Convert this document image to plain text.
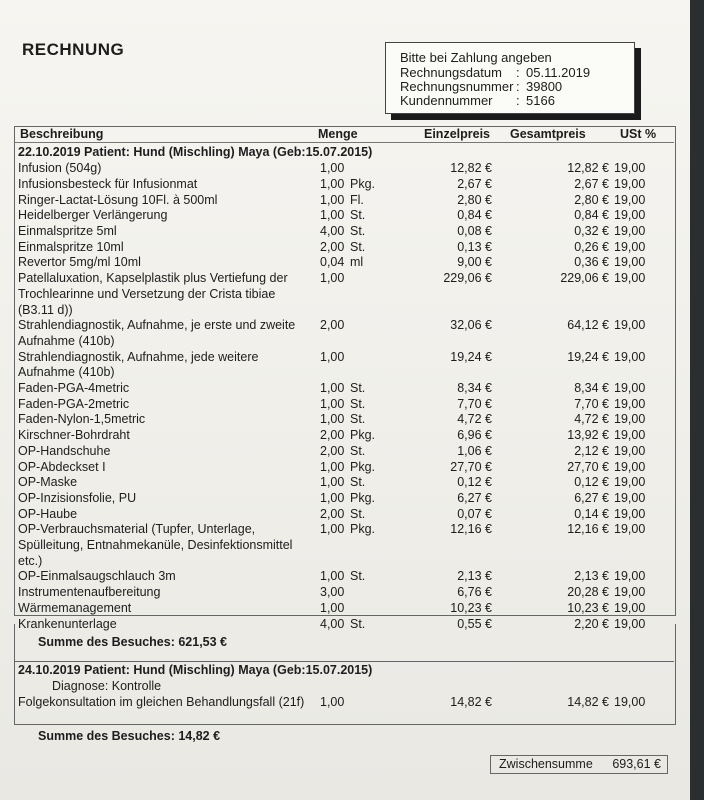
RECHNUNG	Bitte bei Zahlung angeben
Rechnungsdatum : 05.11.2019
Rechnungsnummer : 39800
Kundennummer : 5166
Beschreibung	Menge	Einzelpreis Gesamtpreis	USt %
22.10.2019 Patient: Hund (Mischling) Maya (Geb:15.07.2015)
Infusion (504g)	1,00	12,82 €	12,82 € 19,00
Infusionsbesteck für Infusionmat	1,00 Pkg.	2,67 €	2,67 € 19,00
Ringer-Lactat-Lösung 10Fl. à 500ml	1,00 Fl.	2,80 €	2,80 € 19,00
Heidelberger Verlängerung	1,00 St.	0,84 €	0,84 € 19,00
Einmalspritze 5ml	4,00 St.	0,08 €	0,32 € 19,00
Einmalspritze 10ml	2,00 St.	0,13 €	0,26 € 19,00
Revertor 5mg/ml 10ml	0,04 ml	9,00 €	0,36 € 19,00
Patellaluxation, Kapselplastik plus Vertiefung der Trochlearinne und Versetzung der Crista tibiae (B3.11 d))
1,00	229,06 €	229,06 € 19,00
Strahlendiagnostik, Aufnahme, je erste und zweite Aufnahme (410b)
2,00	32,06 €	64,12 € 19,00
Strahlendiagnostik, Aufnahme, jede weitere Aufnahme (410b)
1,00	19,24 €	19,24 € 19,00
Faden-PGA-4metric	1,00 St.	8,34 €	8,34 € 19,00
Faden-PGA-2metric	1,00 St.	7,70 €	7,70 € 19,00
Faden-Nylon-1,5metric	1,00 St.	4,72 €	4,72 € 19,00
Kirschner-Bohrdraht	2,00 Pkg.	6,96 €	13,92 € 19,00
OP-Handschuhe	2,00 St.	1,06 €	2,12 € 19,00
OP-Abdeckset I	1,00 Pkg.	27,70 €	27,70 € 19,00
OP-Maske	1,00 St.	0,12 €	0,12 € 19,00
OP-Inzisionsfolie, PU	1,00 Pkg.	6,27 €	6,27 € 19,00
OP-Haube	2,00 St.	0,07 €	0,14 € 19,00
OP-Verbrauchsmaterial (Tupfer, Unterlage, Spülleitung, Entnahmekanüle, Desinfektionsmittel etc.)
1,00 Pkg.	12,16 €	12,16 € 19,00
OP-Einmalsaugschlauch 3m	1,00 St.	2,13 €	2,13 € 19,00
Instrumentenaufbereitung	3,00	6,76 €	20,28 € 19,00
Wärmemanagement	1,00	10,23 €	10,23 € 19,00
Krankenunterlage	4,00 St.	0,55 €	2,20 € 19,00
Summe des Besuches: 621,53 €
24.10.2019 Patient: Hund (Mischling) Maya (Geb:15.07.2015)
Diagnose: Kontrolle
Folgekonsultation im gleichen Behandlungsfall (21f) 1,00	14,82 €	14,82 € 19,00
Summe des Besuches: 14,82 €
Zwischensumme 693,61 €
